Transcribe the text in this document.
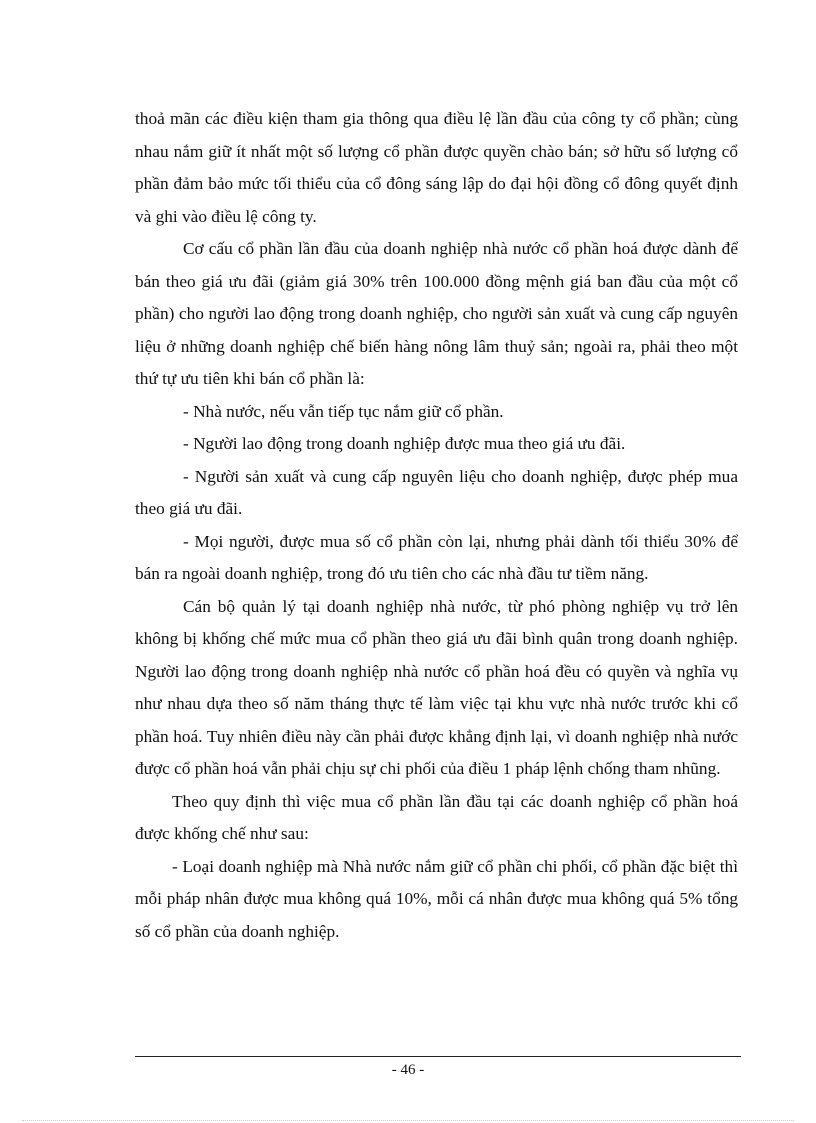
thoả mãn các điều kiện tham gia thông qua điều lệ lần đầu của công ty cổ phần; cùng nhau nắm giữ ít nhất một số lượng cổ phần được quyền chào bán; sở hữu số lượng cổ phần đảm bảo mức tối thiểu của cổ đông sáng lập do đại hội đồng cổ đông quyết định và ghi vào điều lệ công ty.

Cơ cấu cổ phần lần đầu của doanh nghiệp nhà nước cổ phần hoá được dành để bán theo giá ưu đãi (giảm giá 30% trên 100.000 đồng mệnh giá ban đầu của một cổ phần) cho người lao động trong doanh nghiệp, cho người sản xuất và cung cấp nguyên liệu ở những doanh nghiệp chế biến hàng nông lâm thuỷ sản; ngoài ra, phải theo một thứ tự ưu tiên khi bán cổ phần là:

- Nhà nước, nếu vẫn tiếp tục nắm giữ cổ phần.

- Người lao động trong doanh nghiệp được mua theo giá ưu đãi.

- Người sản xuất và cung cấp nguyên liệu cho doanh nghiệp, được phép mua theo giá ưu đãi.

- Mọi người, được mua số cổ phần còn lại, nhưng phải dành tối thiểu 30% để bán ra ngoài doanh nghiệp, trong đó ưu tiên cho các nhà đầu tư tiềm năng.

Cán bộ quản lý tại doanh nghiệp nhà nước, từ phó phòng nghiệp vụ trở lên không bị khống chế mức mua cổ phần theo giá ưu đãi bình quân trong doanh nghiệp. Người lao động trong doanh nghiệp nhà nước cổ phần hoá đều có quyền và nghĩa vụ như nhau dựa theo số năm tháng thực tế làm việc tại khu vực nhà nước trước khi cổ phần hoá. Tuy nhiên điều này cần phải được khẳng định lại, vì doanh nghiệp nhà nước được cổ phần hoá vẫn phải chịu sự chi phối của điều 1 pháp lệnh chống tham nhũng.

Theo quy định thì việc mua cổ phần lần đầu tại các doanh nghiệp cổ phần hoá được khống chế như sau:

- Loại doanh nghiệp mà Nhà nước nắm giữ cổ phần chi phối, cổ phần đặc biệt thì mỗi pháp nhân được mua không quá 10%, mỗi cá nhân được mua không quá 5% tổng số cổ phần của doanh nghiệp.

- 46 -
